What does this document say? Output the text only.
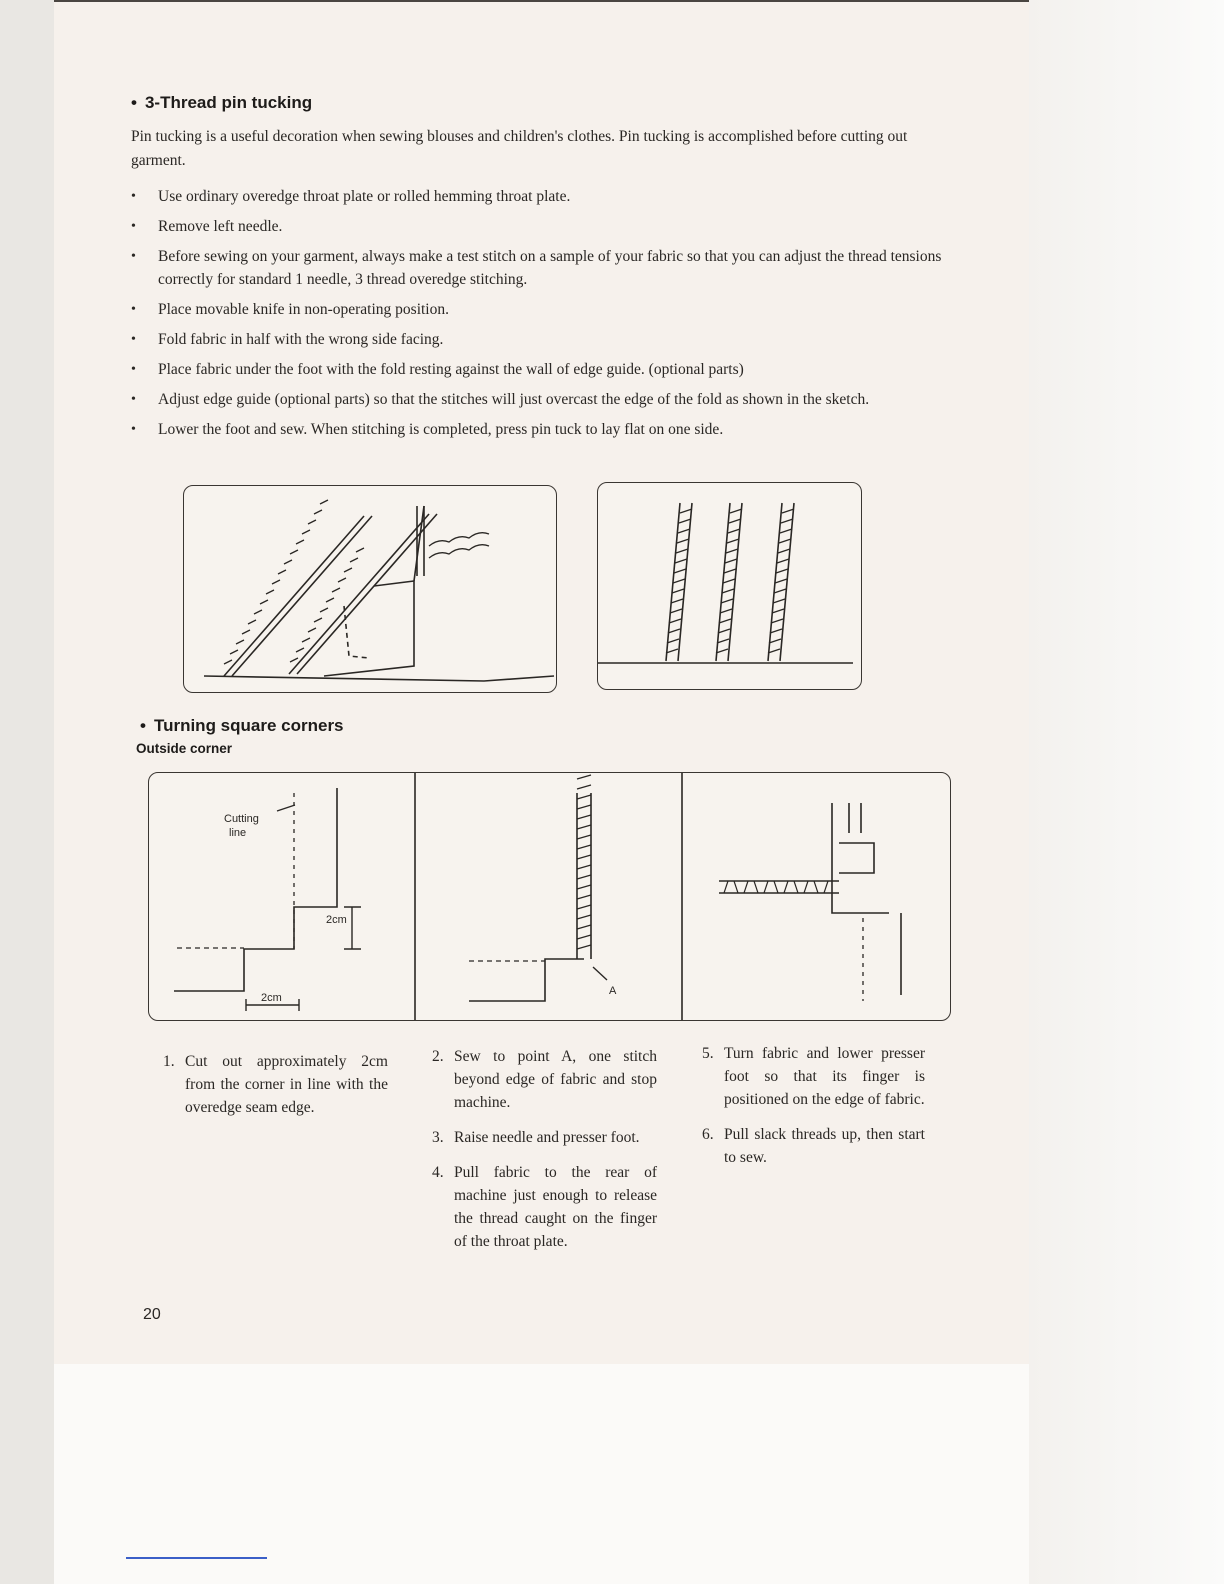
• 3-Thread pin tucking
Pin tucking is a useful decoration when sewing blouses and children's clothes. Pin tucking is accomplished before cutting out garment.
• Use ordinary overedge throat plate or rolled hemming throat plate.
• Remove left needle.
• Before sewing on your garment, always make a test stitch on a sample of your fabric so that you can adjust the thread tensions correctly for standard 1 needle, 3 thread overedge stitching.
• Place movable knife in non-operating position.
• Fold fabric in half with the wrong side facing.
• Place fabric under the foot with the fold resting against the wall of edge guide. (optional parts)
• Adjust edge guide (optional parts) so that the stitches will just overcast the edge of the fold as shown in the sketch.
• Lower the foot and sew. When stitching is completed, press pin tuck to lay flat on one side.
• Turning square corners
Outside corner
Cutting
line
2cm
2cm
A
1. Cut out approximately 2cm from the corner in line with the overedge seam edge.
2. Sew to point A, one stitch beyond edge of fabric and stop machine.
3. Raise needle and presser foot.
4. Pull fabric to the rear of machine just enough to release the thread caught on the finger of the throat plate.
5. Turn fabric and lower presser foot so that its finger is positioned on the edge of fabric.
6. Pull slack threads up, then start to sew.
20
